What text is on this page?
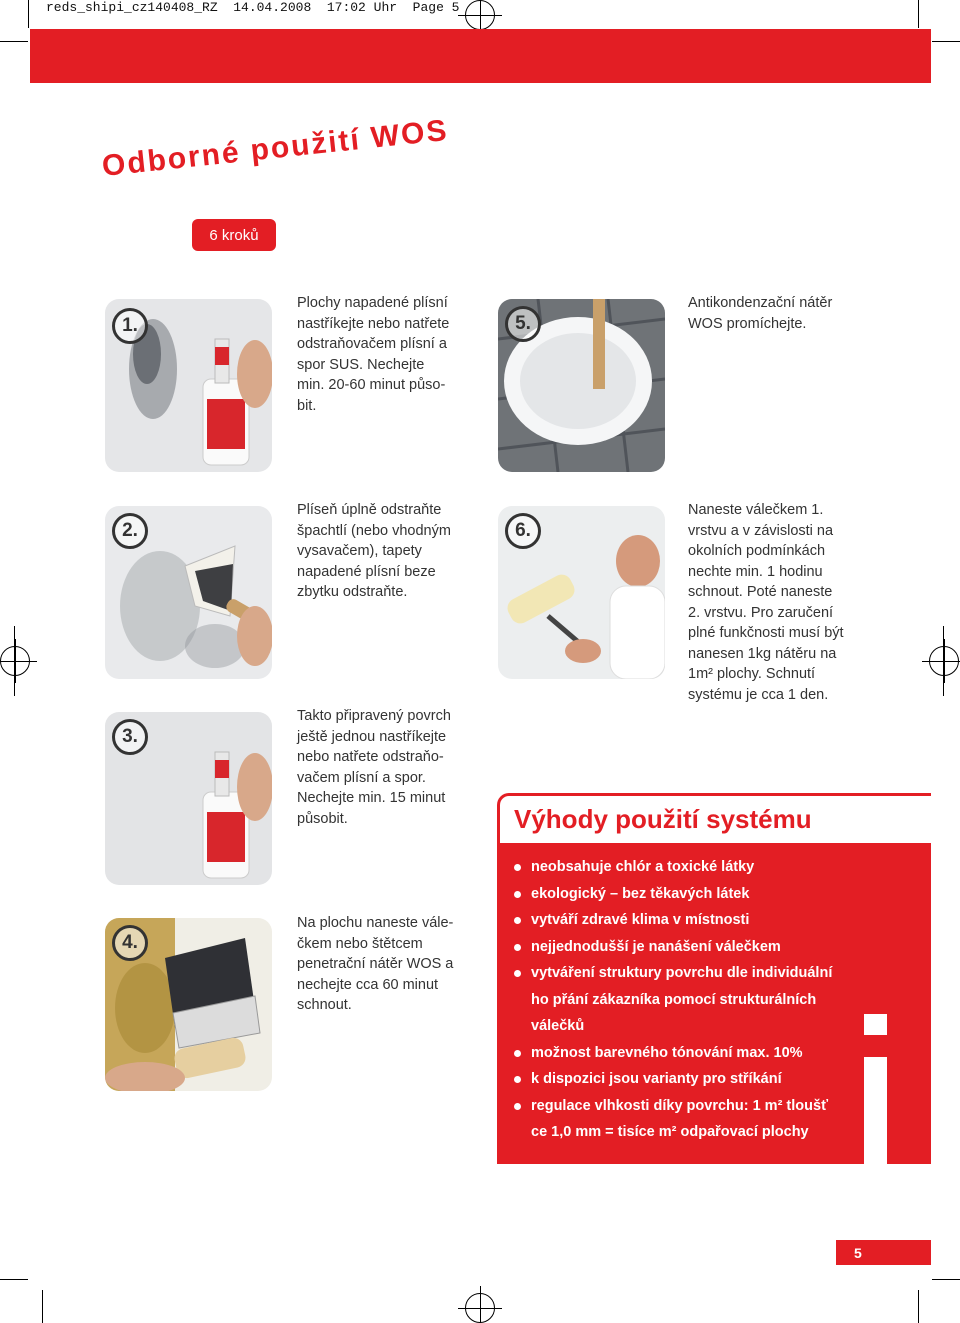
reds_shipi_cz140408_RZ  14.04.2008  17:02 Uhr  Page 5
Odborné použití WOS
6 kroků
1.
Plochy napadené plísní
nastříkejte nebo natřete
odstraňovačem plísní a
spor SUS. Nechejte
min. 20-60 minut půso-
bit.
2.
Plíseň úplně odstraňte
špachtlí (nebo vhodným
vysavačem), tapety
napadené plísní beze
zbytku odstraňte.
3.
Takto připravený povrch
ještě jednou nastříkejte
nebo natřete odstraňo-
vačem plísní a spor.
Nechejte min. 15 minut
působit.
4.
Na plochu naneste vále-
čkem nebo štětcem
penetrační nátěr WOS a
nechejte cca 60 minut
schnout.
5.
Antikondenzační nátěr
WOS promíchejte.
6.
Naneste válečkem 1.
vrstvu a v závislosti na
okolních podmínkách
nechte min. 1 hodinu
schnout. Poté naneste
2. vrstvu. Pro zaručení
plné funkčnosti musí být
nanesen 1kg nátěru na
1m² plochy. Schnutí
systému je cca 1 den.
Výhody použití systému
neobsahuje chlór a toxické látky
ekologický – bez těkavých látek
vytváří zdravé klima v místnosti
nejjednodušší je nanášení válečkem
vytváření struktury povrchu dle individuální
ho přání zákazníka pomocí strukturálních
válečků
možnost barevného tónování max. 10%
k dispozici jsou varianty pro stříkání
regulace vlhkosti díky povrchu: 1 m² tloušť
ce 1,0 mm = tisíce m² odpařovací plochy
5
